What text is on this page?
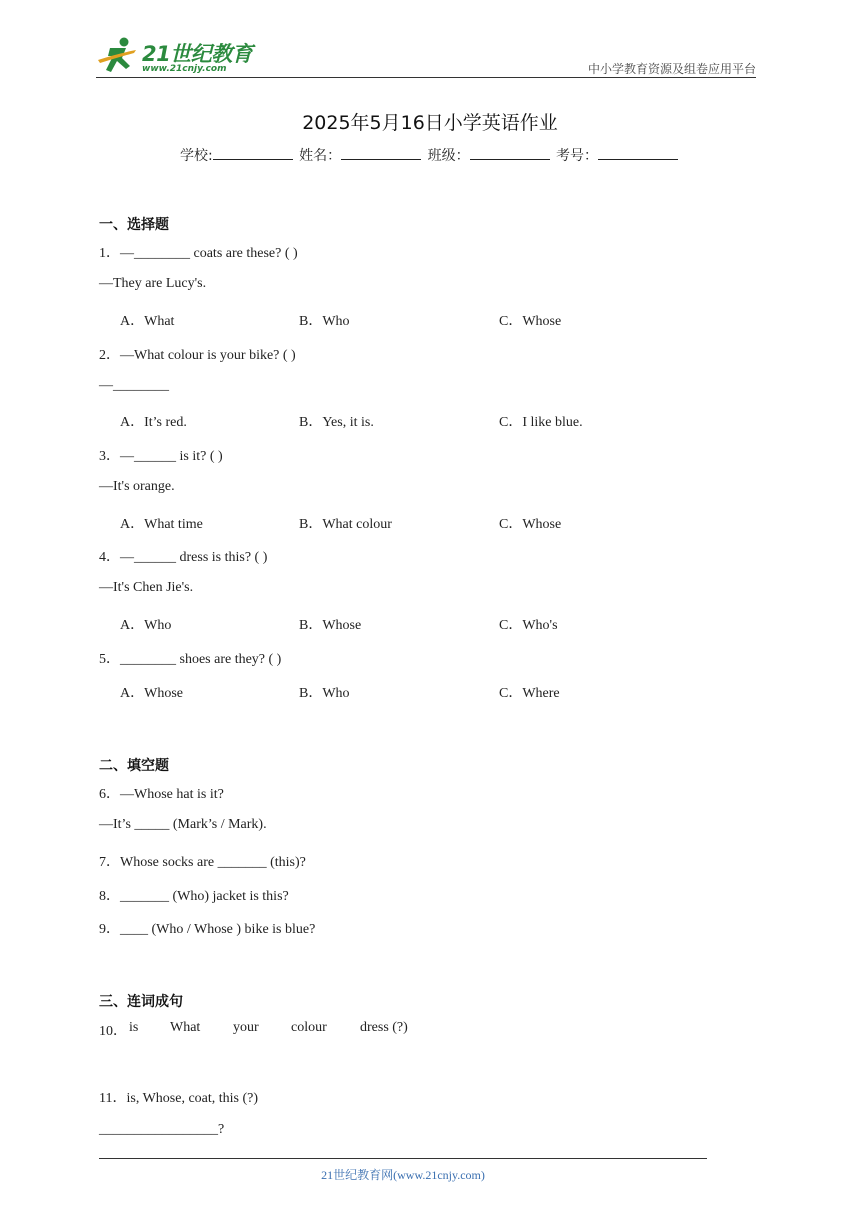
21世纪教育
www.21cnjy.com	中小学教育资源及组卷应用平台
2025年5月16日小学英语作业
学校:	姓名：	班级：	考号：
一、选择题
1．—________ coats are these? ( )
—They are Lucy's.
A．What	B．Who	C．Whose
2．—What colour is your bike? ( )
—________
A．It’s red.	B．Yes, it is.	C．I like blue.
3．—______ is it? ( )
—It's orange.
A．What time	B．What colour	C．Whose
4．—______ dress is this? ( )
—It's Chen Jie's.
A．Who	B．Whose	C．Who's
5．________ shoes are they? ( )
A．Whose	B．Who	C．Where
二、填空题
6．—Whose hat is it?
—It’s _____ (Mark’s / Mark).
7．Whose socks are _______ (this)?
8．_______ (Who) jacket is this?
9．____ (Who / Whose ) bike is blue?
三、连词成句
10． is What your colour dress (?)
11．is, Whose, coat, this (?)
_________________?
21世纪教育网(www.21cnjy.com)
